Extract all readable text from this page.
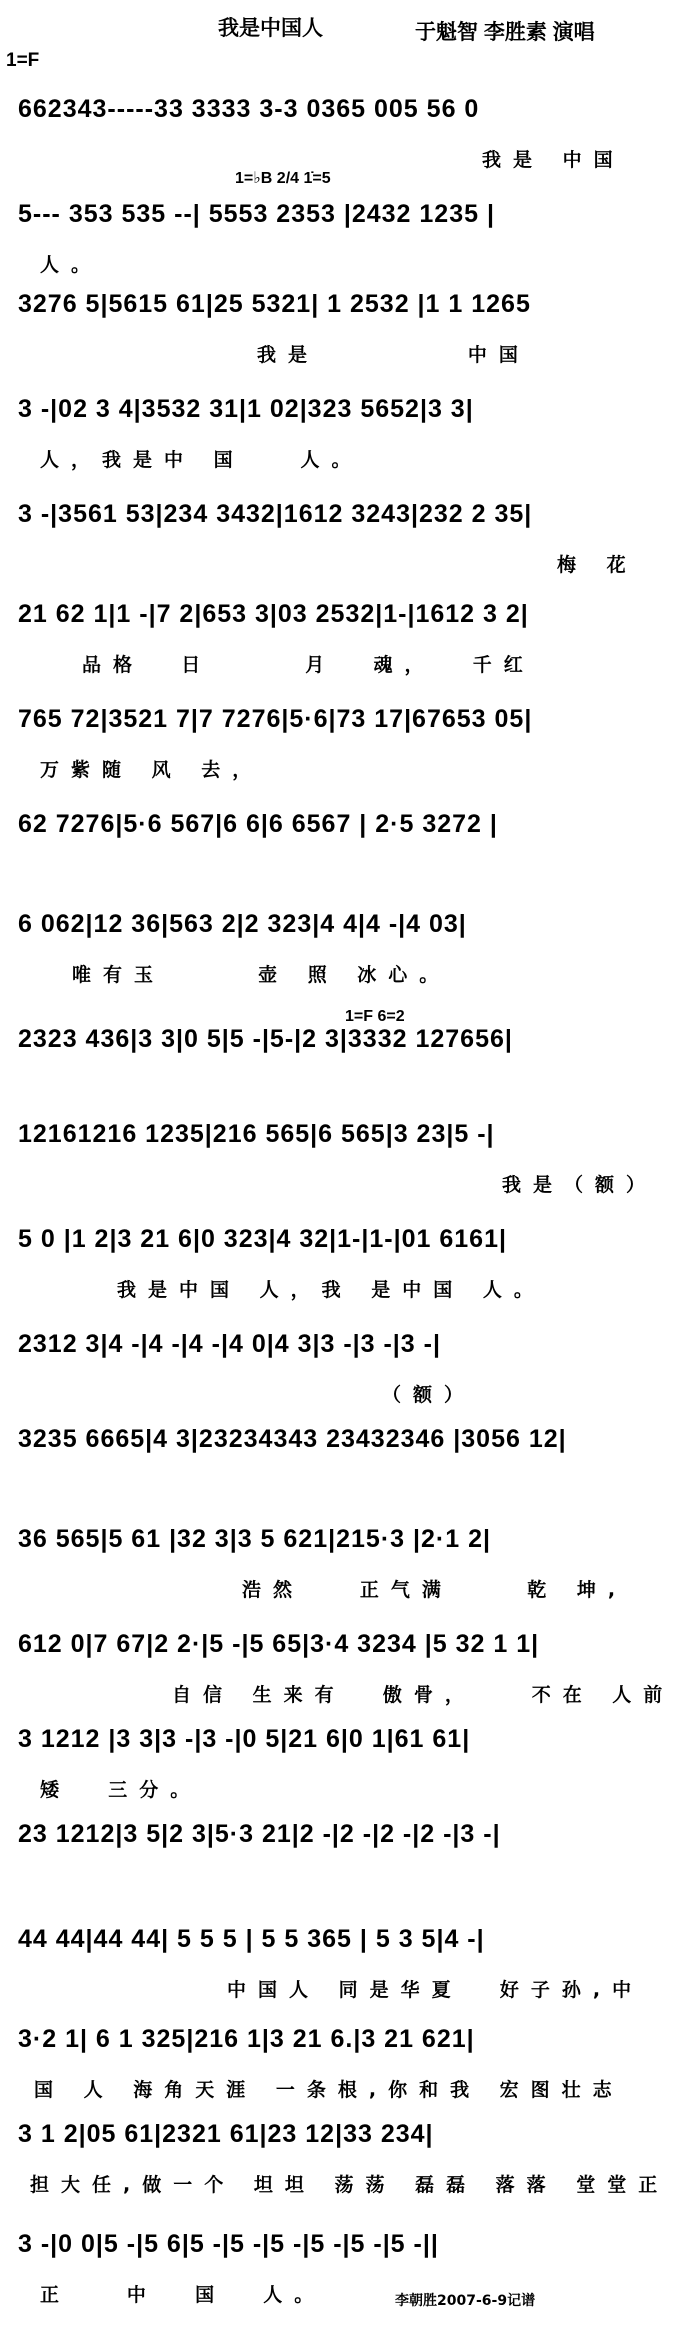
我是中国人	于魁智 李胜素 演唱
1=F
1=♭B 2/4 1̇=5
1=F 6=2
662343-----33 3333 3-3 0365 005 56 0
我是 中国
5--- 353 535 --| 5553 2353 |2432 1235 |
人。
3276 5|5615 61|25 5321| 1 2532 |1 1 1265
我是        中国
3 -|02 3 4|3532 31|1 02|323 5652|3 3|
人，我是中 国   人。
3 -|3561 53|234 3432|1612 3243|232 2 35|
梅 花
21 62 1|1 -|7 2|653 3|03 2532|1-|1612 3 2|
品格  日     月  魂，  千红
765 72|3521 7|7 7276|5·6|73 17|67653 05|
万紫随 风 去，
62 7276|5·6 567|6 6|6 6567 | 2·5 3272 |
6 062|12 36|563 2|2 323|4 4|4 -|4 03|
唯有玉     壶 照 冰心。
2323 436|3 3|0 5|5 -|5-|2 3|3332 127656|
12161216 1235|216 565|6 565|3 23|5 -|
我是（额）
5 0 |1 2|3 21 6|0 323|4 32|1-|1-|01 6161|
我是中国 人，我 是中国 人。
2312 3|4 -|4 -|4 -|4 0|4 3|3 -|3 -|3 -|
（额）
3235 6665|4 3|23234343 23432346 |3056 12|
36 565|5 61 |32 3|3 5 621|215·3 |2·1 2|
浩然   正气满    乾 坤,
612 0|7 67|2 2·|5 -|5 65|3·4 3234 |5 32 1 1|
自信 生来有  傲骨，   不在 人前
3 1212 |3 3|3 -|3 -|0 5|21 6|0 1|61 61|
矮  三分。
23 1212|3 5|2 3|5·3 21|2 -|2 -|2 -|2 -|3 -|
44 44|44 44| 5 5 5 | 5 5 365 | 5 3 5|4 -|
中国人 同是华夏  好子孙,中
3·2 1| 6 1 325|216 1|3 21 6.|3 21 621|
国 人 海角天涯 一条根,你和我 宏图壮志
3 1 2|05 61|2321 61|23 12|33 234|
担大任,做一个 坦坦 荡荡 磊磊 落落 堂堂正
3 -|0 0|5 -|5 6|5 -|5 -|5 -|5 -|5 -|5 -||
正   中  国  人。	李朝胜2007-6-9记谱
